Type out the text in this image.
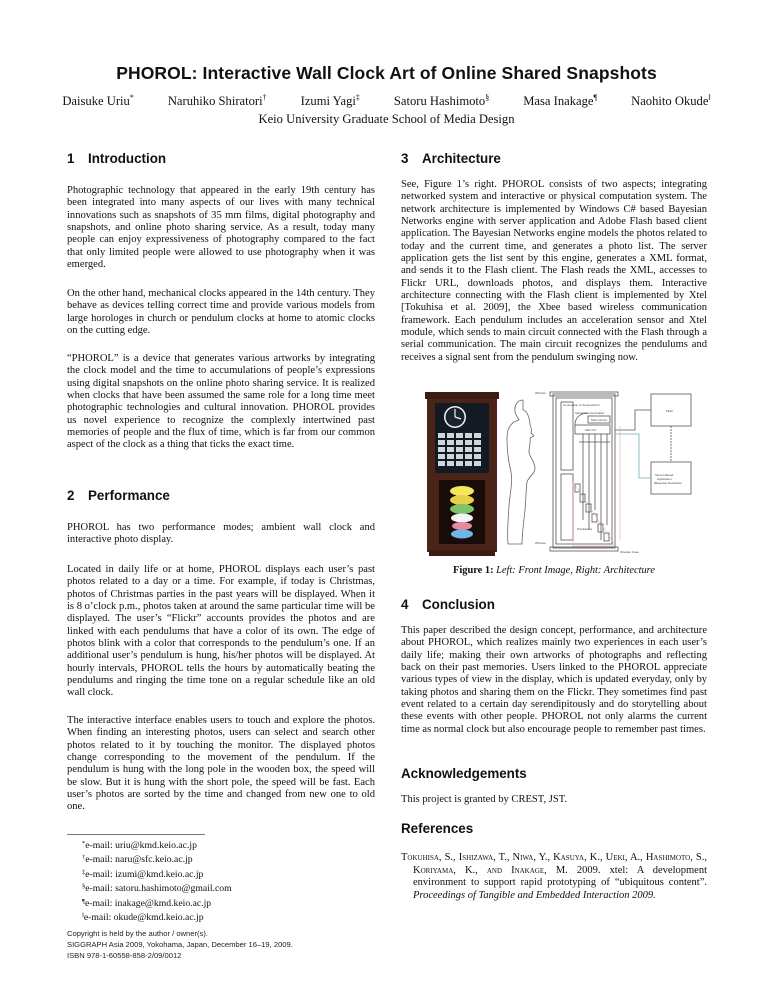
PHOROL: Interactive Wall Clock Art of Online Shared Snapshots
Daisuke Uriu*	Naruhiko Shiratori†	Izumi Yagi‡	Satoru Hashimoto§	Masa Inakage¶	Naohito Okude‖
Keio University Graduate School of Media Design
1 Introduction

Photographic technology that appeared in the early 19th century has been integrated into many aspects of our lives with many technical innovations such as snapshots of 35 mm films, digital photography and snapshots, and online photo sharing service. As a result, today many people can enjoy expressiveness of photography compared to the fact that only limited people were allowed to use photography when it was emerged.

On the other hand, mechanical clocks appeared in the 14th century. They behave as devices telling correct time and provide various models from large horologes in church or pendulum clocks at home to atomic clocks on the cutting edge.

“PHOROL” is a device that generates various artworks by integrating the clock model and the time to accumulations of people’s expressions using digital snapshots on the online photo sharing service. It is realized when clocks that have been assumed the same role for a long time meet photographic technologies and cultural innovation. PHOROL provides us novel experience to recognize the complexly intertwined past memories of people and the flux of time, which is far from our common aspect of the clock as a thing that ticks the exact time.

2 Performance

PHOROL has two performance modes; ambient wall clock and interactive photo display.

Located in daily life or at home, PHOROL displays each user’s past photos related to a day or a time. For example, if today is Christmas, photos of Christmas parties in the past years will be displayed. When it is 8 o’clock p.m., photos taken at around the same particular time will be displayed. The user’s “Flickr” accounts provides the photos and are linked with each pendulums that have a color of its own. The edge of photos blink with a color that corresponds to the pendulum’s one. If an additional user’s pendulum is hung, his/her photos will be displayed. At hourly intervals, PHOROL tells the hours by automatically beating the pendulums and ringing the time tone on a regular schedule like an old wall clock.

The interactive interface enables users to touch and explore the photos. When finding an interesting photos, users can select and search other photos related to it by touching the monitor. The displayed photos change corresponding to the movement of the pendulum. If the pendulum is hung with the long pole in the wooden box, the speed will be slow. But it is hung with the short pole, the speed will be fast. Each user’s photos are sorted by the time and changed from new one to old one.

*e-mail: uriu@kmd.keio.ac.jp
†e-mail: naru@sfc.keio.ac.jp
‡e-mail: izumi@kmd.keio.ac.jp
§e-mail: satoru.hashimoto@gmail.com
¶e-mail: inakage@kmd.keio.ac.jp
‖e-mail: okude@kmd.keio.ac.jp
Copyright is held by the author / owner(s).
SIGGRAPH Asia 2009, Yokohama, Japan, December 16–19, 2009.
ISBN 978-1-60558-858-2/09/0012
3 Architecture

See, Figure 1’s right. PHOROL consists of two aspects; integrating networked system and interactive or physical computation system. The network architecture is implemented by Windows C# based Bayesian Networks engine with server application and Adobe Flash based client application. The Bayesian Networks engine models the photos related to today and the current time, and generates a photo list. The server application gets the list sent by this engine, generates a XML format, and sends it to the Flash client. The Flash reads the XML, accesses to Flickr URL, downloads photos, and displays them. Interactive architecture connecting with the Flash client is implemented by Xtel [Tokuhisa et al. 2009], the Xbee based wireless communication framework. Each pendulum includes an acceleration sensor and Xtel module, which sends to main circuit connected with the Flash through a serial communication. The main circuit recognizes the pendulums and receives a signal sent from the pendulum swinging now.

Connection to Sensor/Actor
Serial Communication
Main Circuit
Main PC
Pendulums
Flickr
Server Based
Application
(Bayesian Networks)
Window
Window
Wooden Case
Figure 1: Left: Front Image, Right: Architecture
4 Conclusion

This paper described the design concept, performance, and architecture about PHOROL, which realizes mainly two experiences in each user’s daily life; making their own artworks of photographs and reflecting back on their past memories. Users linked to the PHOROL appreciate various types of view in the display, which is updated everyday, only by taking photos and sharing them on the Flickr. They sometimes find past event related to a certain day serendipitously and do storytelling about these events with other people. PHOROL not only alarms the current time as normal clock but also encourage people to remember past times.

Acknowledgements

This project is granted by CREST, JST.

References
Tokuhisa, S., Ishizawa, T., Niwa, Y., Kasuya, K., Ueki, A., Hashimoto, S., Koriyama, K., and Inakage, M. 2009. xtel: A development environment to support rapid prototyping of “ubiquitous content”. Proceedings of Tangible and Embedded Interaction 2009.
